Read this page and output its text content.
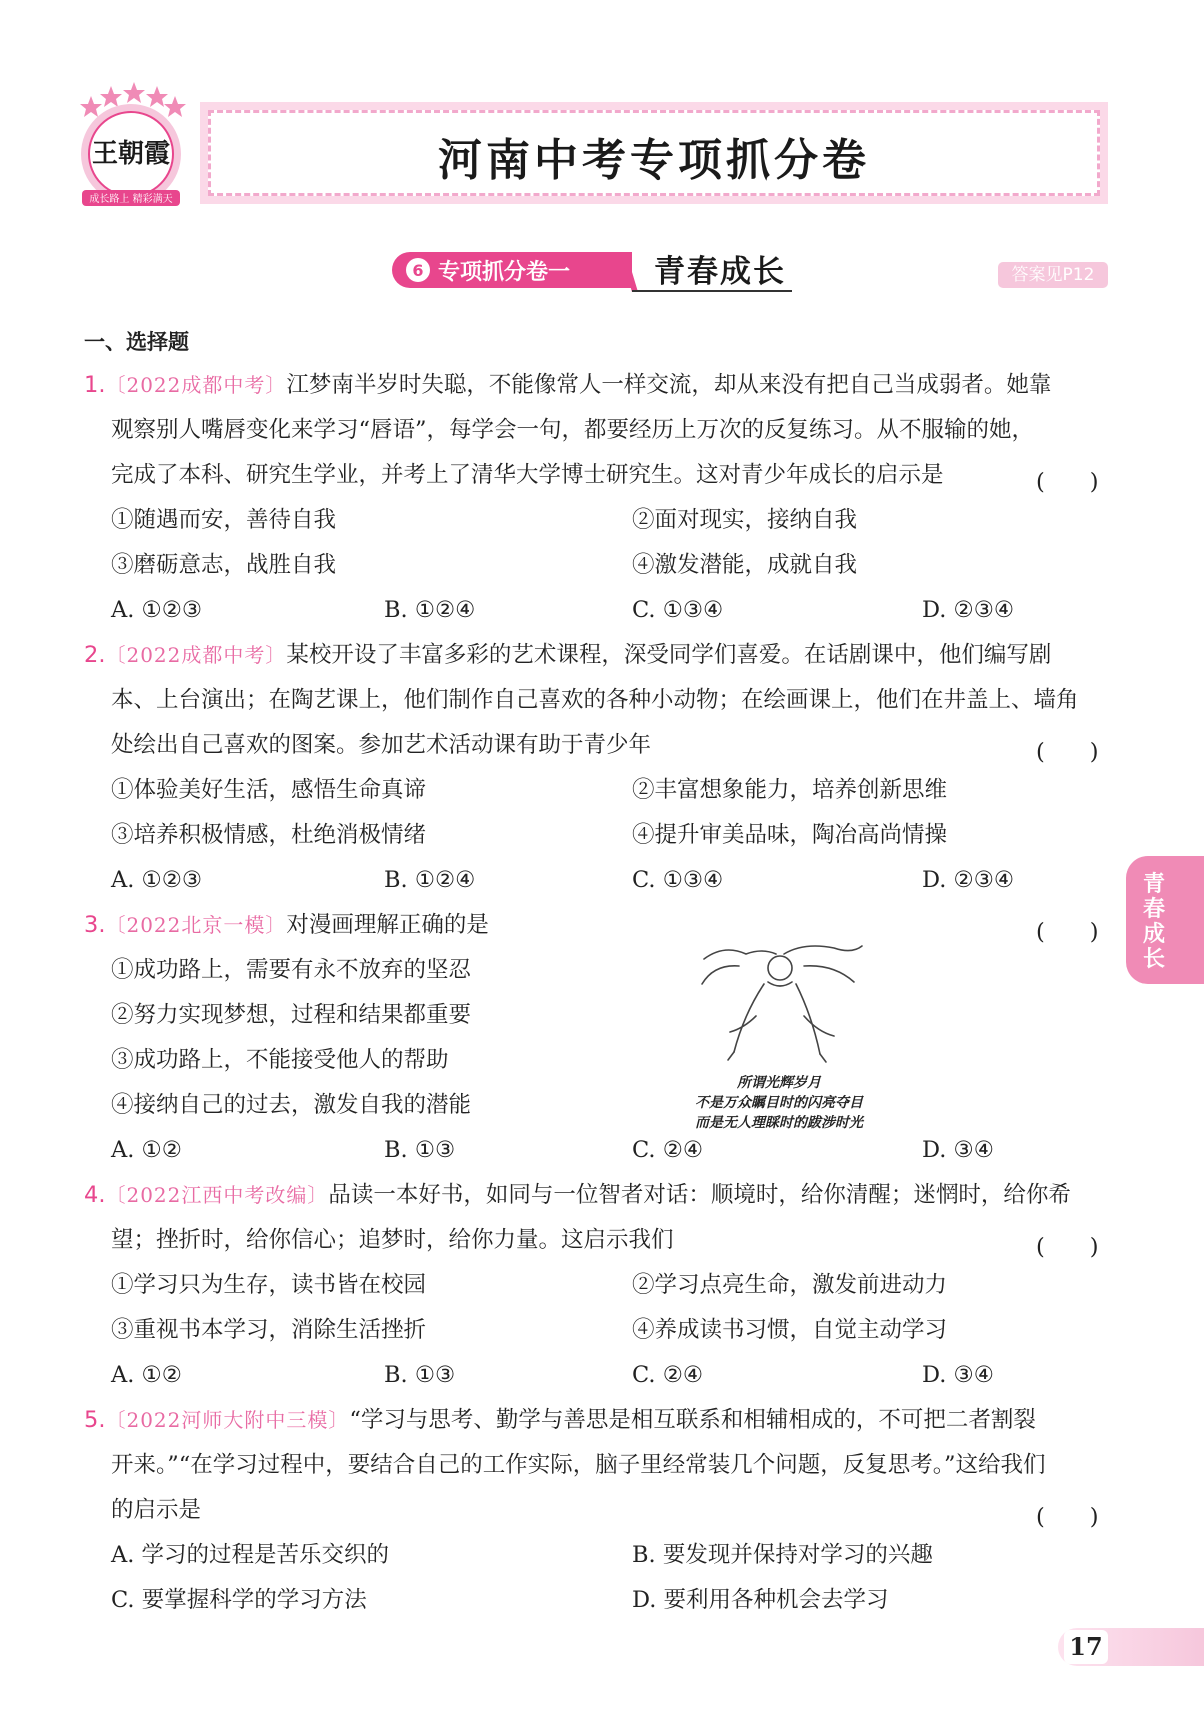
王朝霞
成长路上 精彩满天
河南中考专项抓分卷
6 专项抓分卷一	青春成长	答案见P12
一、选择题
1.〔2022成都中考〕江梦南半岁时失聪，不能像常人一样交流，却从来没有把自己当成弱者。她靠
观察别人嘴唇变化来学习“唇语”，每学会一句，都要经历上万次的反复练习。从不服输的她，
完成了本科、研究生学业，并考上了清华大学博士研究生。这对青少年成长的启示是	(　　)
①随遇而安，善待自我	②面对现实，接纳自我
③磨砺意志，战胜自我	④激发潜能，成就自我
A. ①②③	B. ①②④	C. ①③④	D. ②③④
2.〔2022成都中考〕某校开设了丰富多彩的艺术课程，深受同学们喜爱。在话剧课中，他们编写剧
本、上台演出；在陶艺课上，他们制作自己喜欢的各种小动物；在绘画课上，他们在井盖上、墙角
处绘出自己喜欢的图案。参加艺术活动课有助于青少年	(　　)
①体验美好生活，感悟生命真谛	②丰富想象能力，培养创新思维
③培养积极情感，杜绝消极情绪	④提升审美品味，陶冶高尚情操
A. ①②③	B. ①②④	C. ①③④	D. ②③④
3.〔2022北京一模〕对漫画理解正确的是	(　　)
①成功路上，需要有永不放弃的坚忍
②努力实现梦想，过程和结果都重要
③成功路上，不能接受他人的帮助
④接纳自己的过去，激发自我的潜能
所谓光辉岁月
不是万众瞩目时的闪亮夺目
而是无人理睬时的跋涉时光
A. ①②	B. ①③	C. ②④	D. ③④
4.〔2022江西中考改编〕品读一本好书，如同与一位智者对话：顺境时，给你清醒；迷惘时，给你希
望；挫折时，给你信心；追梦时，给你力量。这启示我们	(　　)
①学习只为生存，读书皆在校园	②学习点亮生命，激发前进动力
③重视书本学习，消除生活挫折	④养成读书习惯，自觉主动学习
A. ①②	B. ①③	C. ②④	D. ③④
5.〔2022河师大附中三模〕“学习与思考、勤学与善思是相互联系和相辅相成的，不可把二者割裂
开来。”“在学习过程中，要结合自己的工作实际，脑子里经常装几个问题，反复思考。”这给我们
的启示是	(　　)
A. 学习的过程是苦乐交织的	B. 要发现并保持对学习的兴趣
C. 要掌握科学的学习方法	D. 要利用各种机会去学习
青春成长
17
